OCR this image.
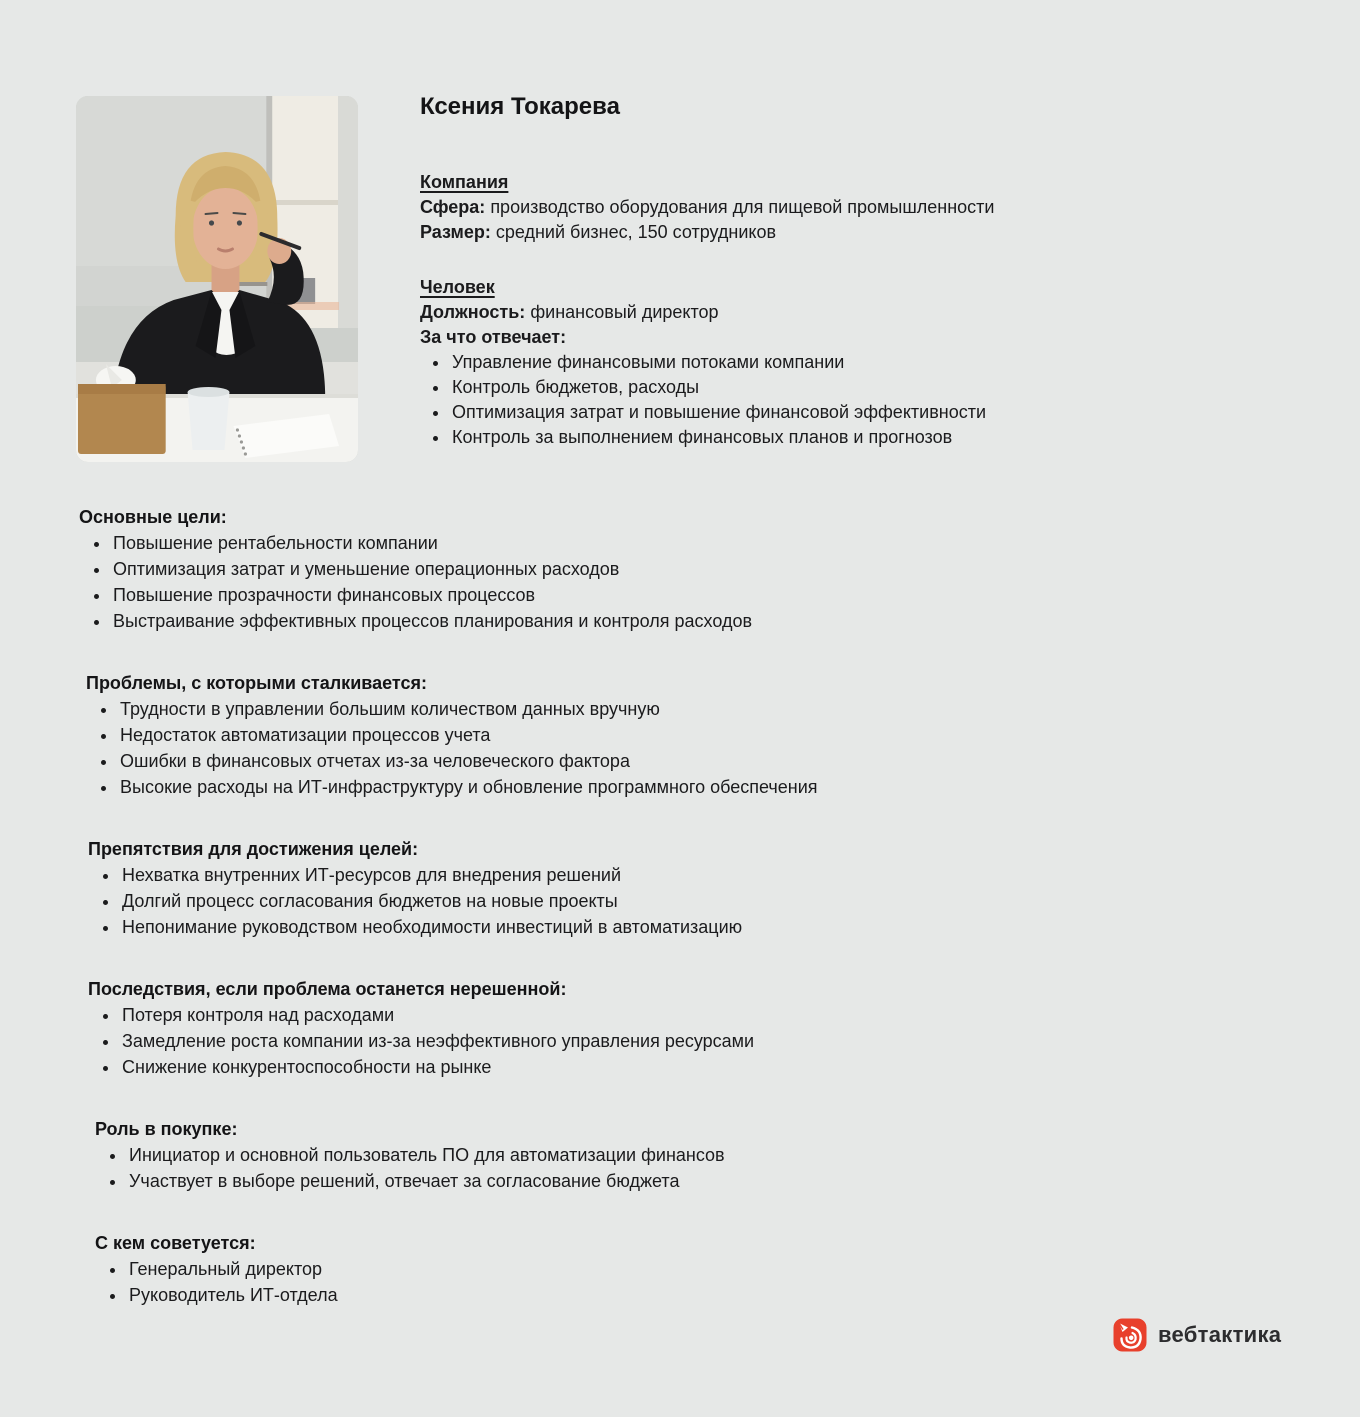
Ксения Токарева
Компания
Сфера: производство оборудования для пищевой промышленности
Размер: средний бизнес, 150 сотрудников
Человек
Должность: финансовый директор
За что отвечает:
• Управление финансовыми потоками компании
• Контроль бюджетов, расходы
• Оптимизация затрат и повышение финансовой эффективности
• Контроль за выполнением финансовых планов и прогнозов
Основные цели:
• Повышение рентабельности компании
• Оптимизация затрат и уменьшение операционных расходов
• Повышение прозрачности финансовых процессов
• Выстраивание эффективных процессов планирования и контроля расходов
Проблемы, с которыми сталкивается:
• Трудности в управлении большим количеством данных вручную
• Недостаток автоматизации процессов учета
• Ошибки в финансовых отчетах из-за человеческого фактора
• Высокие расходы на ИТ-инфраструктуру и обновление программного обеспечения
Препятствия для достижения целей:
• Нехватка внутренних ИТ-ресурсов для внедрения решений
• Долгий процесс согласования бюджетов на новые проекты
• Непонимание руководством необходимости инвестиций в автоматизацию
Последствия, если проблема останется нерешенной:
• Потеря контроля над расходами
• Замедление роста компании из-за неэффективного управления ресурсами
• Снижение конкурентоспособности на рынке
Роль в покупке:
• Инициатор и основной пользователь ПО для автоматизации финансов
• Участвует в выборе решений, отвечает за согласование бюджета
С кем советуется:
• Генеральный директор
• Руководитель ИТ-отдела
вебтактика
